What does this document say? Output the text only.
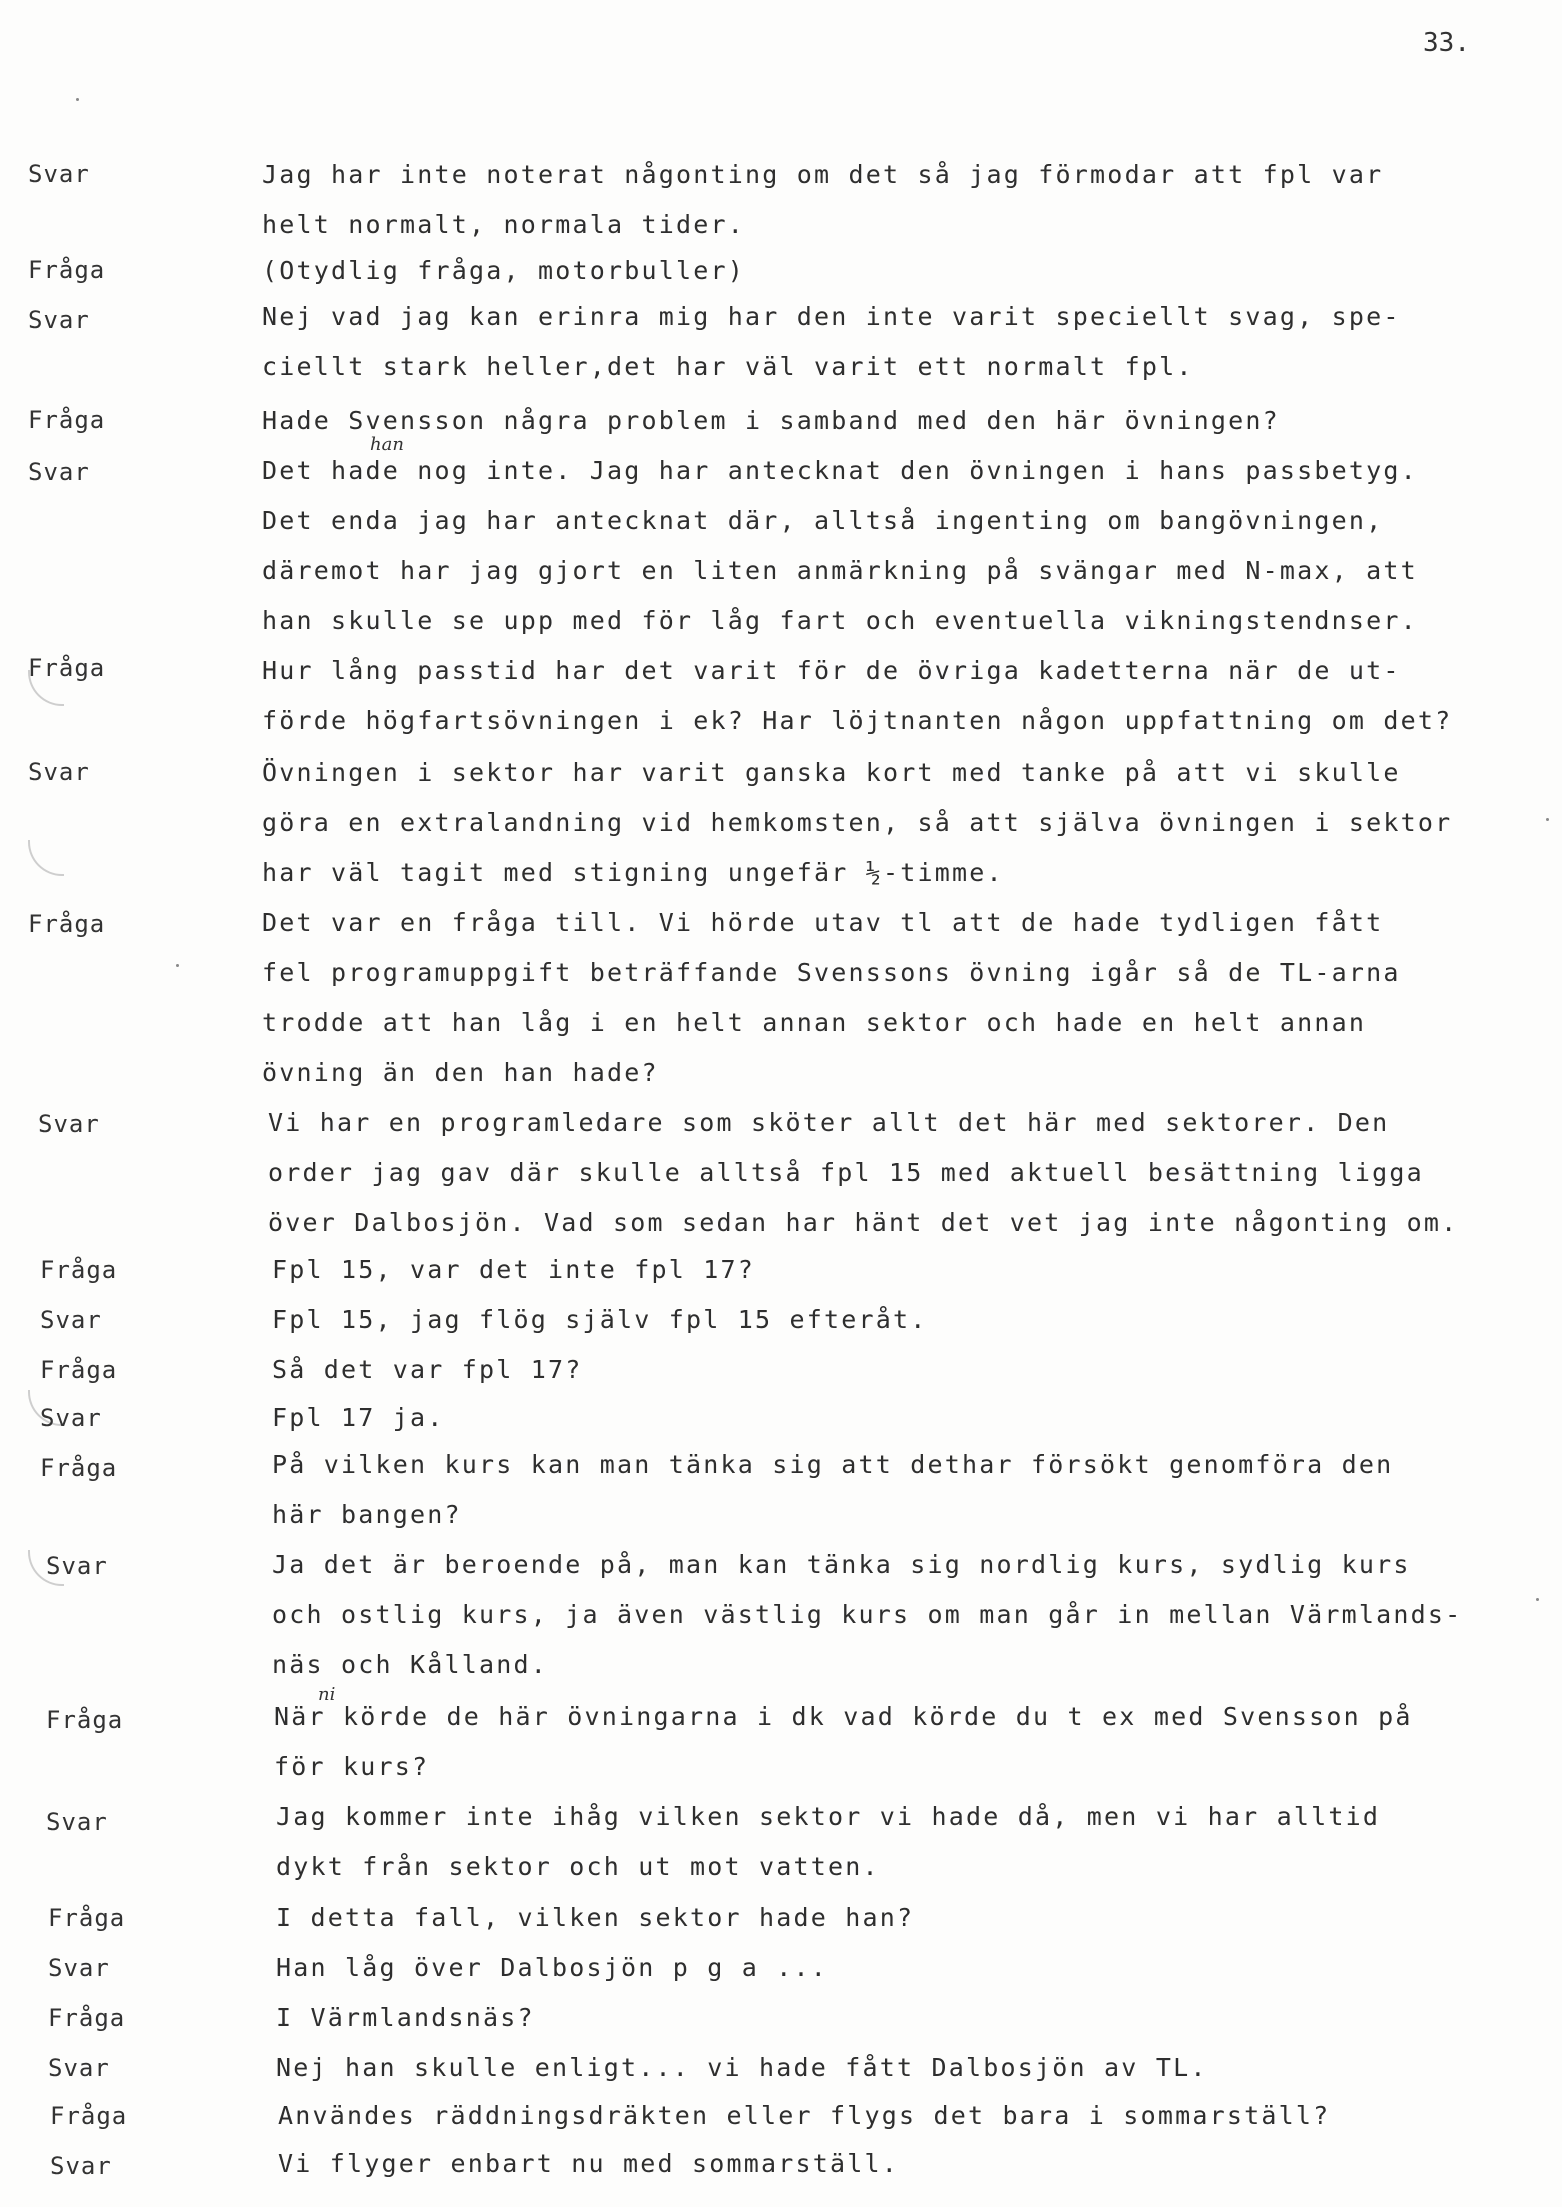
33.
Svar	Jag har inte noterat någonting om det så jag förmodar att fpl var
helt normalt, normala tider.
Fråga	(Otydlig fråga, motorbuller)
Svar	Nej vad jag kan erinra mig har den inte varit speciellt svag, spe-
ciellt stark heller,det har väl varit ett normalt fpl.
Fråga	Hade Svensson några problem i samband med den här övningen?
Svar	Det hade nog inte. Jag har antecknat den övningen i hans passbetyg.
Det enda jag har antecknat där, alltså ingenting om bangövningen,
däremot har jag gjort en liten anmärkning på svängar med N-max, att
han skulle se upp med för låg fart och eventuella vikningstendnser.
han
Fråga	Hur lång passtid har det varit för de övriga kadetterna när de ut-
förde högfartsövningen i ek? Har löjtnanten någon uppfattning om det?
Svar	Övningen i sektor har varit ganska kort med tanke på att vi skulle
göra en extralandning vid hemkomsten, så att själva övningen i sektor
har väl tagit med stigning ungefär ½-timme.
Fråga	Det var en fråga till. Vi hörde utav tl att de hade tydligen fått
fel programuppgift beträffande Svenssons övning igår så de TL-arna
trodde att han låg i en helt annan sektor och hade en helt annan
övning än den han hade?
Svar	Vi har en programledare som sköter allt det här med sektorer. Den
order jag gav där skulle alltså fpl 15 med aktuell besättning ligga
över Dalbosjön. Vad som sedan har hänt det vet jag inte någonting om.
Fråga	Fpl 15, var det inte fpl 17?
Svar	Fpl 15, jag flög själv fpl 15 efteråt.
Fråga	Så det var fpl 17?
Svar	Fpl 17 ja.
Fråga	På vilken kurs kan man tänka sig att dethar försökt genomföra den
här bangen?
Svar	Ja det är beroende på, man kan tänka sig nordlig kurs, sydlig kurs
och ostlig kurs, ja även västlig kurs om man går in mellan Värmlands-
näs och Kålland.
Fråga	När körde de här övningarna i dk vad körde du t ex med Svensson på
för kurs?
ni
Svar	Jag kommer inte ihåg vilken sektor vi hade då, men vi har alltid
dykt från sektor och ut mot vatten.
Fråga	I detta fall, vilken sektor hade han?
Svar	Han låg över Dalbosjön p g a ...
Fråga	I Värmlandsnäs?
Svar	Nej han skulle enligt... vi hade fått Dalbosjön av TL.
Fråga	Användes räddningsdräkten eller flygs det bara i sommarställ?
Svar	Vi flyger enbart nu med sommarställ.
